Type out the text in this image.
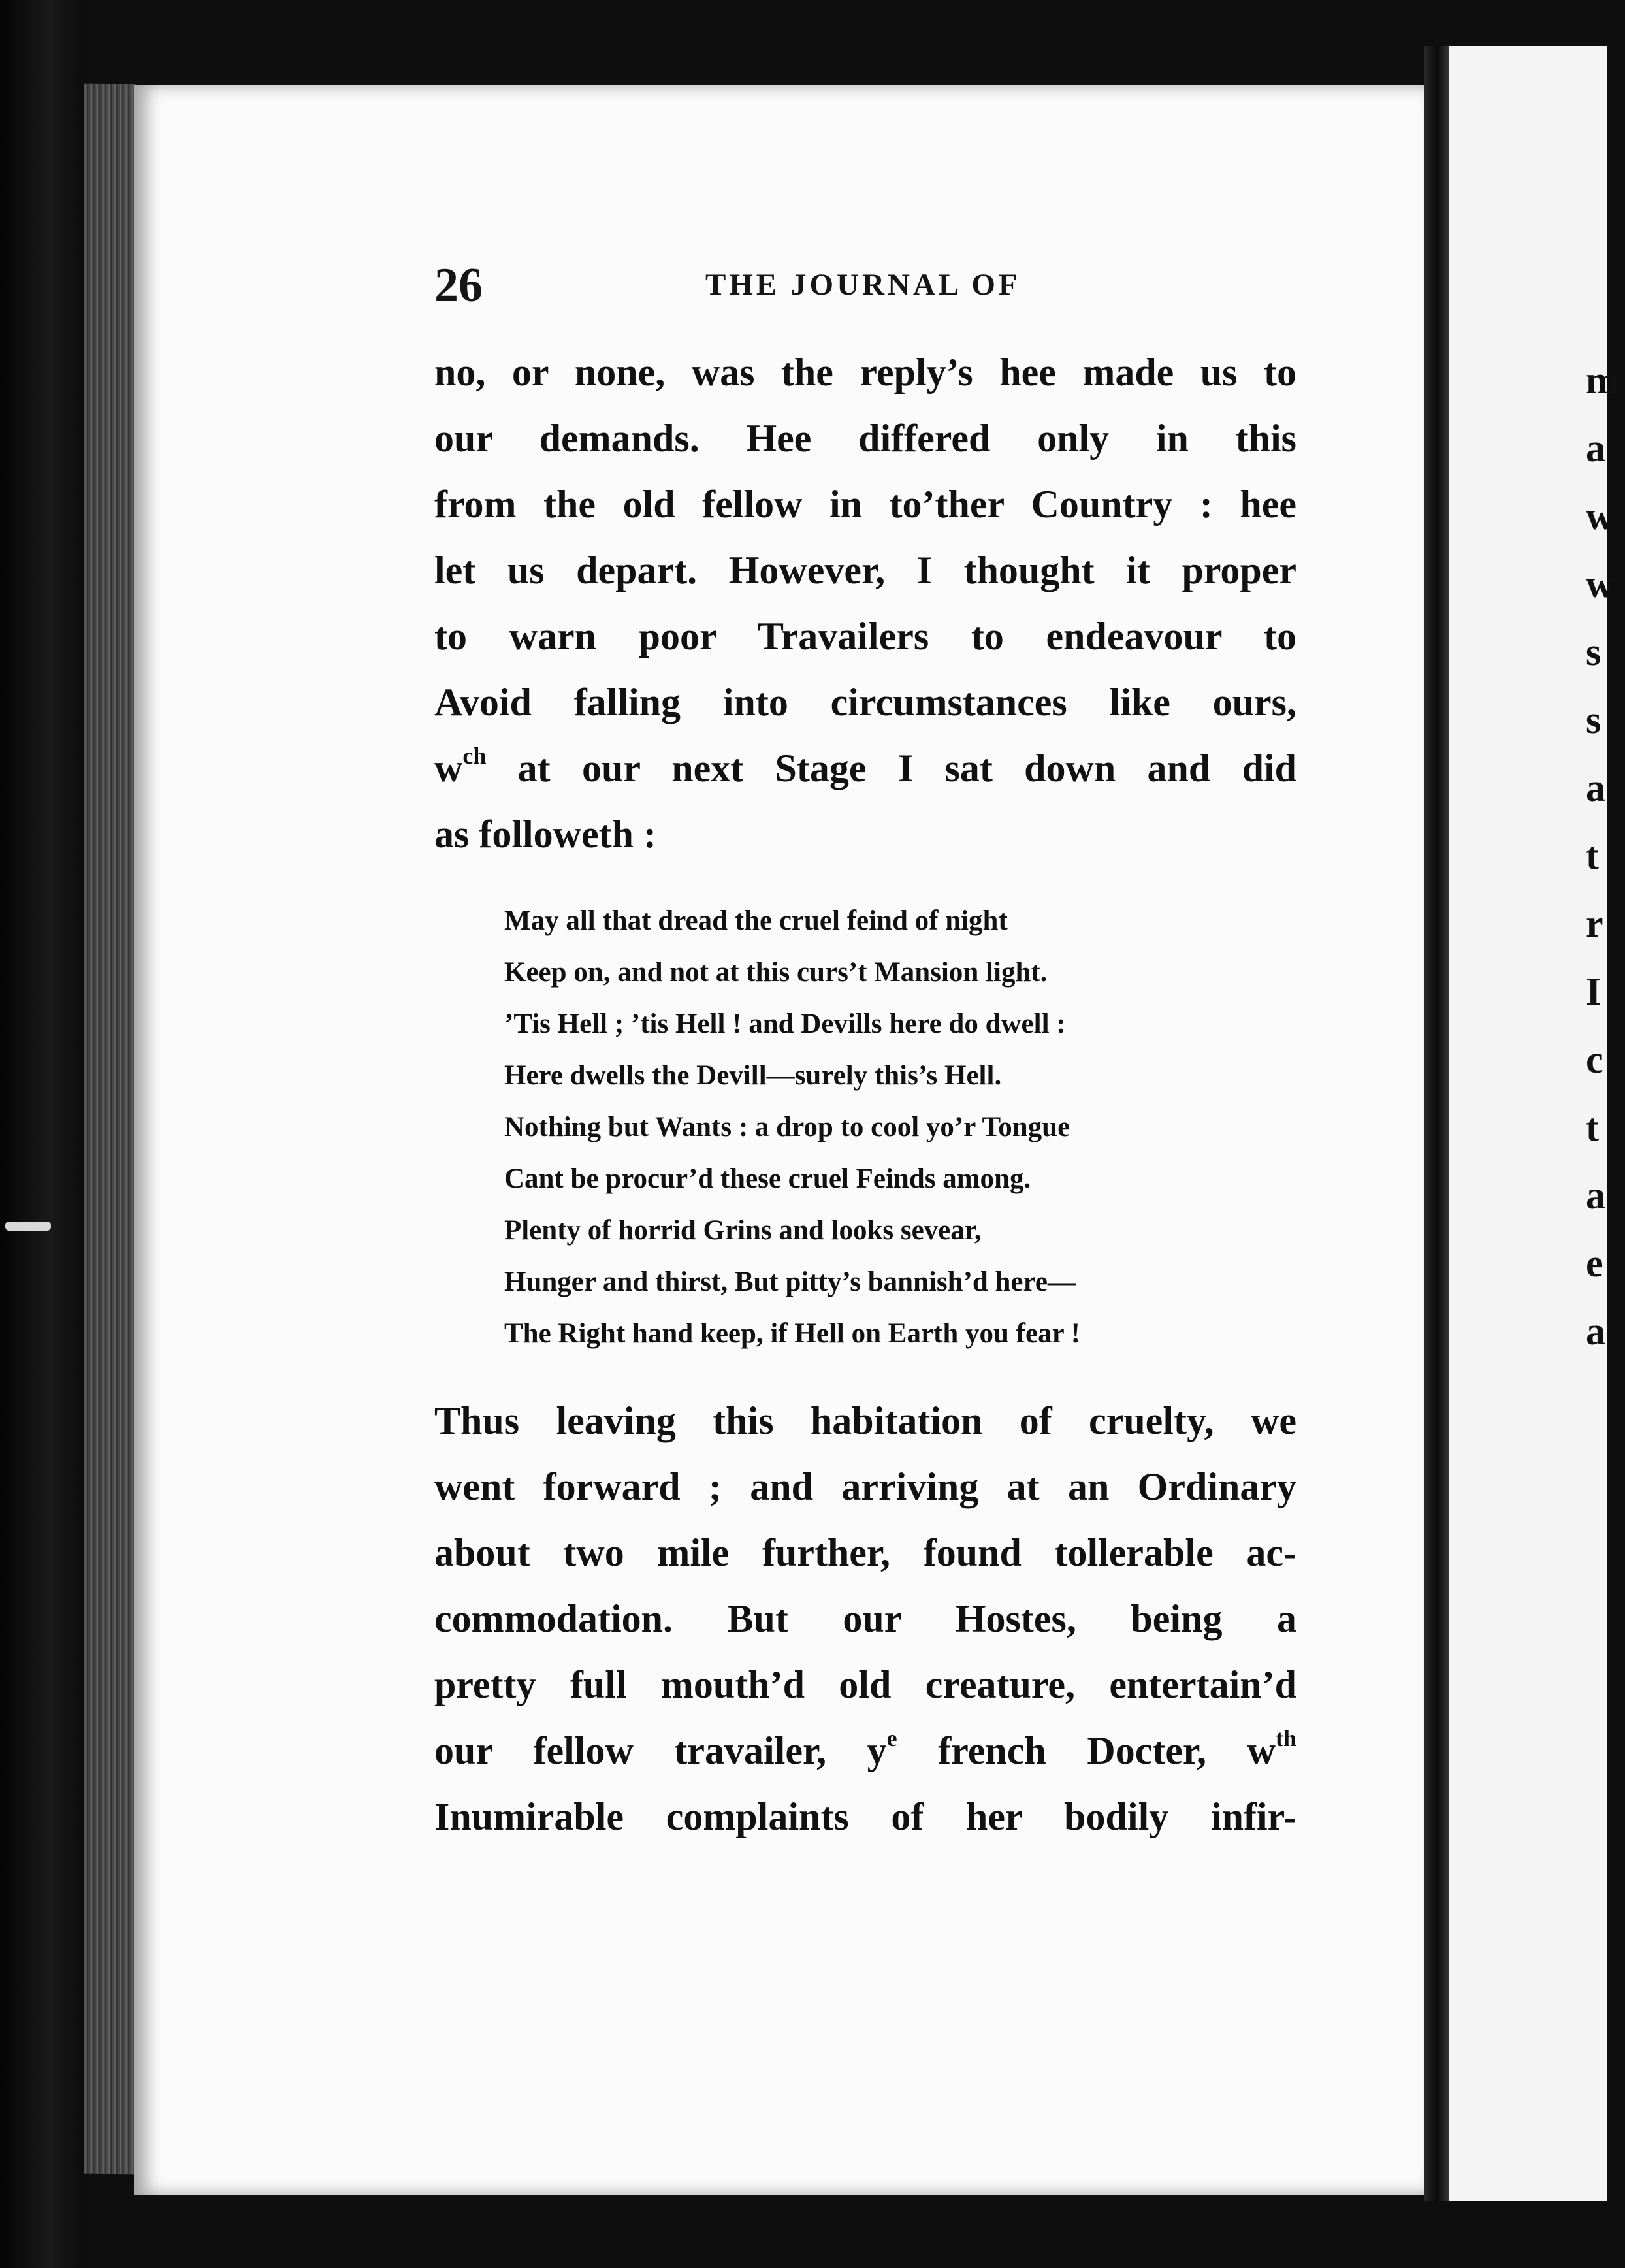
m
a
w
w
s
s
a
t
r
I
c
t
a
e
a
26	THE JOURNAL OF
no, or none, was the reply’s hee made us to
our demands. Hee differed only in this
from the old fellow in to’ther Country : hee
let us depart. However, I thought it proper
to warn poor Travailers to endeavour to
Avoid falling into circumstances like ours,
$w^{ch}$ at our next Stage I sat down and did
as followeth :
May all that dread the cruel feind of night
Keep on, and not at this curs’t Mansion light.
’Tis Hell ; ’tis Hell ! and Devills here do dwell :
Here dwells the Devill—surely this’s Hell.
Nothing but Wants : a drop to cool yo’r Tongue
Cant be procur’d these cruel Feinds among.
Plenty of horrid Grins and looks sevear,
Hunger and thirst, But pitty’s bannish’d here—
The Right hand keep, if Hell on Earth you fear !
Thus leaving this habitation of cruelty, we
went forward ; and arriving at an Ordinary
about two mile further, found tollerable ac-
commodation. But our Hostes, being a
pretty full mouth’d old creature, entertain’d
our fellow travailer, $y^e$ french Docter, $w^{th}$
Inumirable complaints of her bodily infir-
